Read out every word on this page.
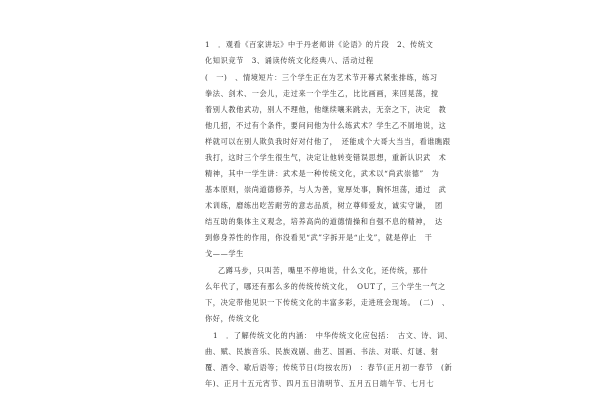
1　．观看《百家讲坛》中于丹老师讲《论语》的片段　2、传统文
化知识竞节　3、诵读传统文化经典八、活动过程
(　一)　、情境短片：三个学生正在为艺术节开幕式紧张排练，练习
拳法、剑术、一会儿，走过来一个学生乙，比比画画，来回晃荡，搅
着别人教他武功，别人不理他，他继续嚷来跳去，无奈之下，决定　教
他几招，不过有个条件，要问问他为什么练武术？学生乙不屑地说，这
样就可以在别人欺负我时好对付他了，　还能成个大哥大当当，看谁瞧跟
我打，这时三个学生很生气，决定让他转变错误思想，重新认识武　术
精神，其中一学生讲：武术是一种传统文化，武术以“尚武崇德”　为
基本原则，崇尚道德修养，与人为善，宽厚处事，胸怀坦荡，通过　武
术训练，磨练出吃苦耐劳的意志品质，树立尊师爱友，诚实守谦，　团
结互助的集体主义观念，培养高尚的道德情操和自强不息的精神，　达
到修身养性的作用，你没看见“武”字拆开是“止戈”，就是停止　干
戈——学生
乙蹲马步，只叫苦，嘴里不停地说，什么文化，还传统，那什
么年代了，哪还有那么多的传统传统文化，　OUT了，三个学生一气之
下，决定带他见识一下传统文化的丰富多彩，走进班会现场。　(二)　、
你好，传统文化
1　．了解传统文化的内涵：　中华传统文化应包括：　古文、诗、词、
曲、赋、民族音乐、民族戏剧、曲艺、国画、书法、对联、灯谜、射
覆、酒令、歇后语等；传统节日(均按农历)　：春节(正月初一春节　(新
年)、正月十五元宵节、四月五日清明节、五月五日端午节、七月七
